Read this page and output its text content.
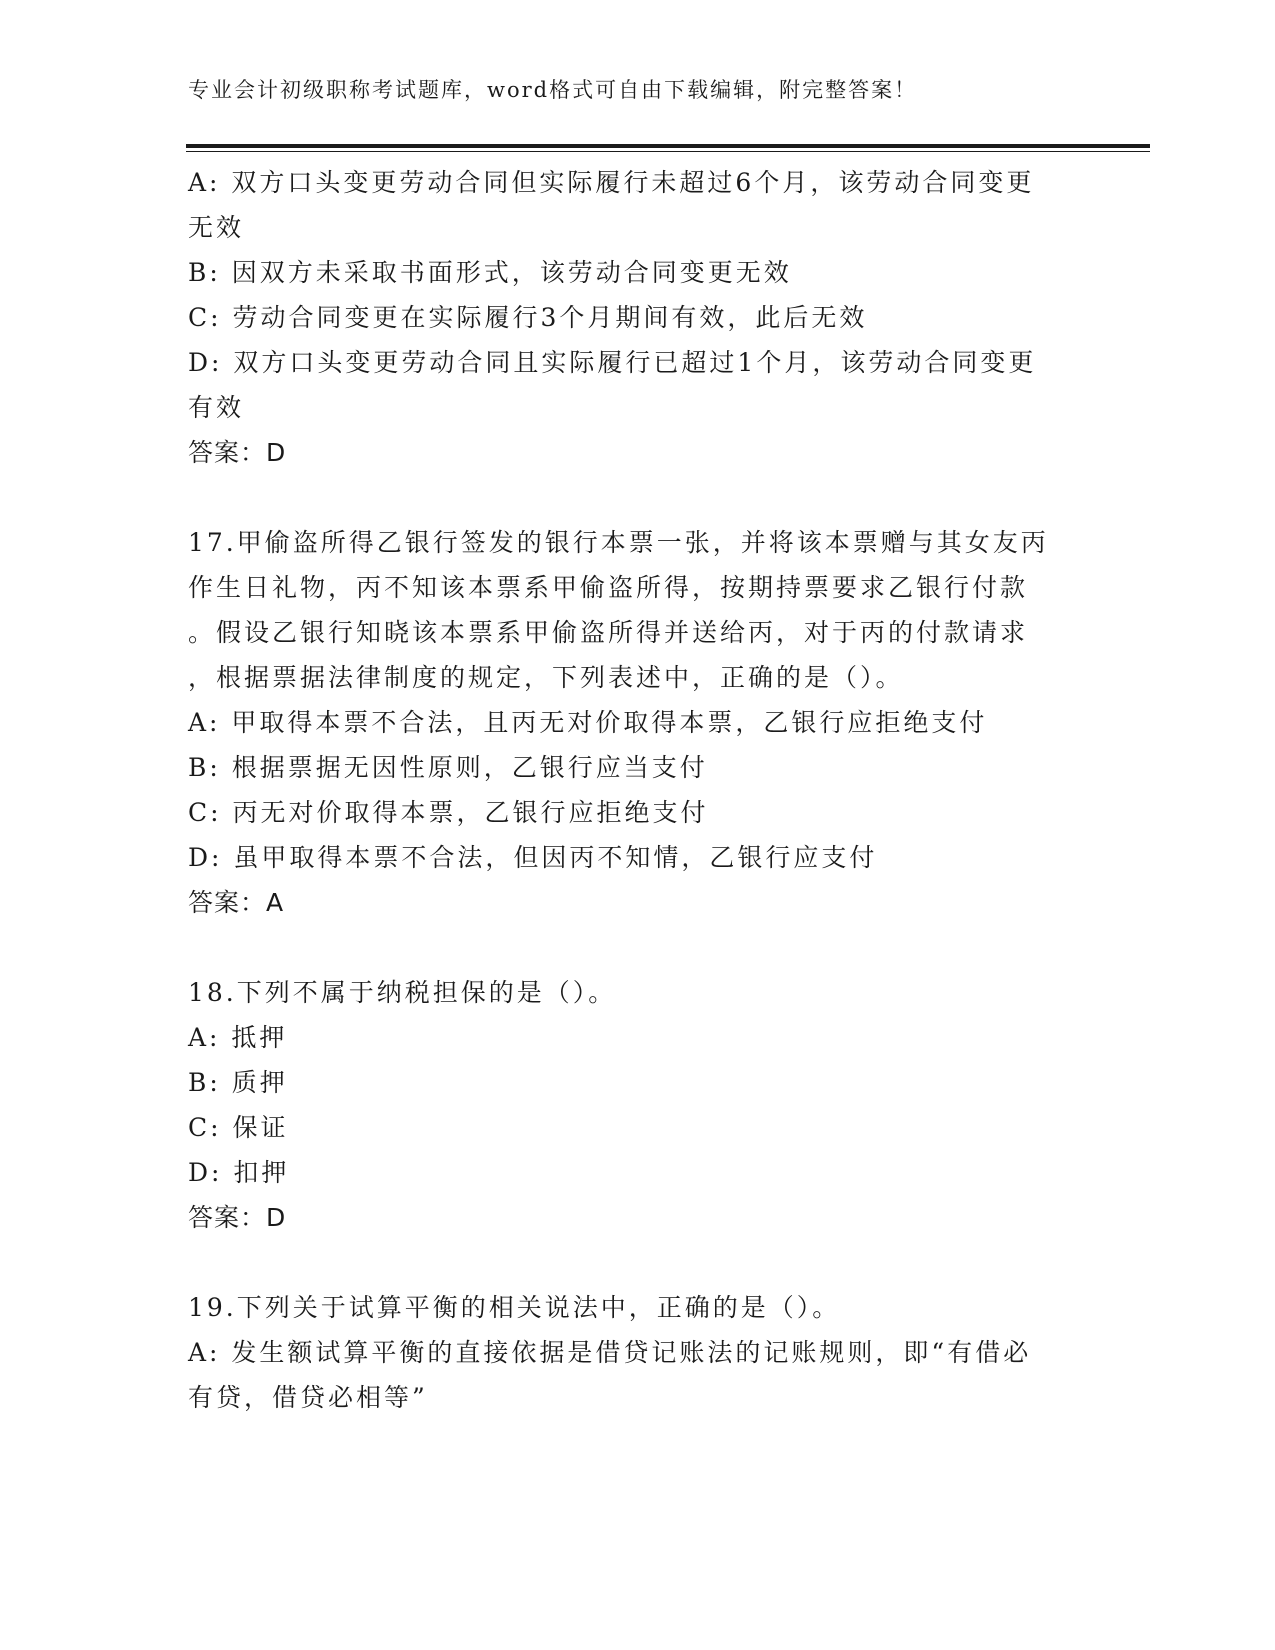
专业会计初级职称考试题库，word格式可自由下载编辑，附完整答案！
A: 双方口头变更劳动合同但实际履行未超过6个月，该劳动合同变更
无效
B: 因双方未采取书面形式，该劳动合同变更无效
C: 劳动合同变更在实际履行3个月期间有效，此后无效
D: 双方口头变更劳动合同且实际履行已超过1个月，该劳动合同变更
有效
答案：D
17.甲偷盗所得乙银行签发的银行本票一张，并将该本票赠与其女友丙
作生日礼物，丙不知该本票系甲偷盗所得，按期持票要求乙银行付款
。假设乙银行知晓该本票系甲偷盗所得并送给丙，对于丙的付款请求
，根据票据法律制度的规定，下列表述中，正确的是（）。
A: 甲取得本票不合法，且丙无对价取得本票，乙银行应拒绝支付
B: 根据票据无因性原则，乙银行应当支付
C: 丙无对价取得本票，乙银行应拒绝支付
D: 虽甲取得本票不合法，但因丙不知情，乙银行应支付
答案：A
18.下列不属于纳税担保的是（）。
A: 抵押
B: 质押
C: 保证
D: 扣押
答案：D
19.下列关于试算平衡的相关说法中，正确的是（）。
A: 发生额试算平衡的直接依据是借贷记账法的记账规则，即“有借必
有贷，借贷必相等”
